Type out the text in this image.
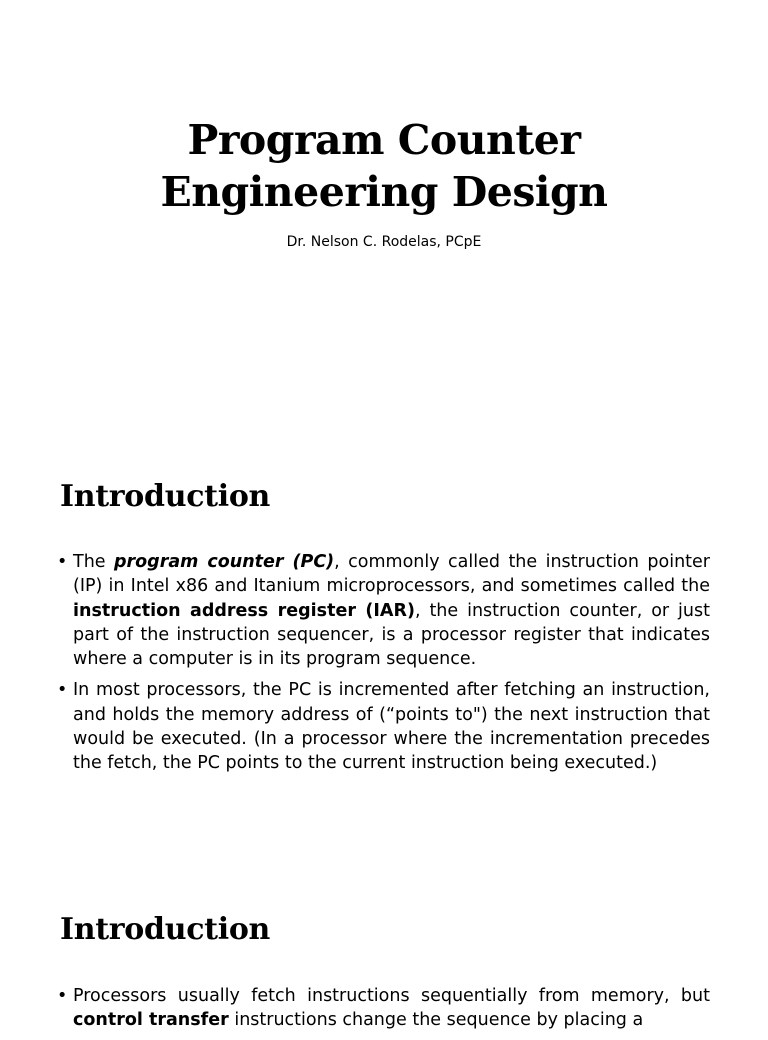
Program Counter
Engineering Design
Dr. Nelson C. Rodelas, PCpE
Introduction
• The program counter (PC), commonly called the instruction pointer (IP) in Intel x86 and Itanium microprocessors, and sometimes called the instruction address register (IAR), the instruction counter, or just part of the instruction sequencer, is a processor register that indicates where a computer is in its program sequence.
• In most processors, the PC is incremented after fetching an instruction, and holds the memory address of (“points to") the next instruction that would be executed. (In a processor where the incrementation precedes the fetch, the PC points to the current instruction being executed.)
Introduction
• Processors usually fetch instructions sequentially from memory, but control transfer instructions change the sequence by placing a
